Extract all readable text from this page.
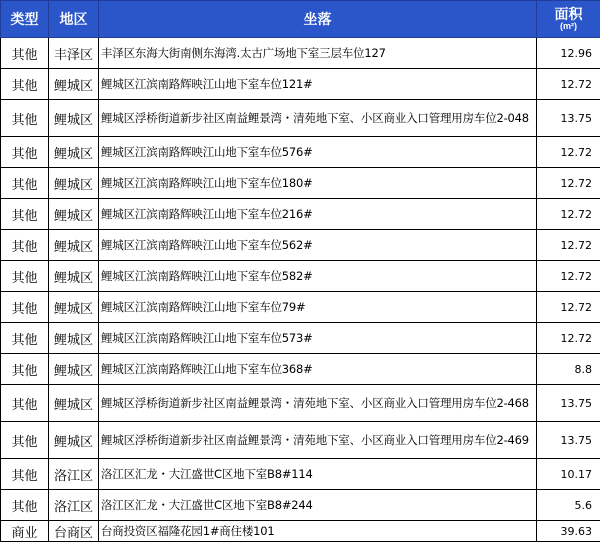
类型	地区	坐落	面积
(m²)

其他	丰泽区	丰泽区东海大街南侧东海湾.太古广场地下室三层车位127	12.96
其他	鲤城区	鲤城区江滨南路辉映江山地下室车位121#	12.72
其他	鲤城区	鲤城区浮桥街道新步社区南益鲤景湾・清苑地下室、小区商业入口管理用房车位2-048	13.75
其他	鲤城区	鲤城区江滨南路辉映江山地下室车位576#	12.72
其他	鲤城区	鲤城区江滨南路辉映江山地下室车位180#	12.72
其他	鲤城区	鲤城区江滨南路辉映江山地下室车位216#	12.72
其他	鲤城区	鲤城区江滨南路辉映江山地下室车位562#	12.72
其他	鲤城区	鲤城区江滨南路辉映江山地下室车位582#	12.72
其他	鲤城区	鲤城区江滨南路辉映江山地下室车位79#	12.72
其他	鲤城区	鲤城区江滨南路辉映江山地下室车位573#	12.72
其他	鲤城区	鲤城区江滨南路辉映江山地下室车位368#	8.8
其他	鲤城区	鲤城区浮桥街道新步社区南益鲤景湾・清苑地下室、小区商业入口管理用房车位2-468	13.75
其他	鲤城区	鲤城区浮桥街道新步社区南益鲤景湾・清苑地下室、小区商业入口管理用房车位2-469	13.75
其他	洛江区	洛江区汇龙・大江盛世C区地下室B8#114	10.17
其他	洛江区	洛江区汇龙・大江盛世C区地下室B8#244	5.6
商业	台商区	台商投资区福隆花园1#商住楼101	39.63
